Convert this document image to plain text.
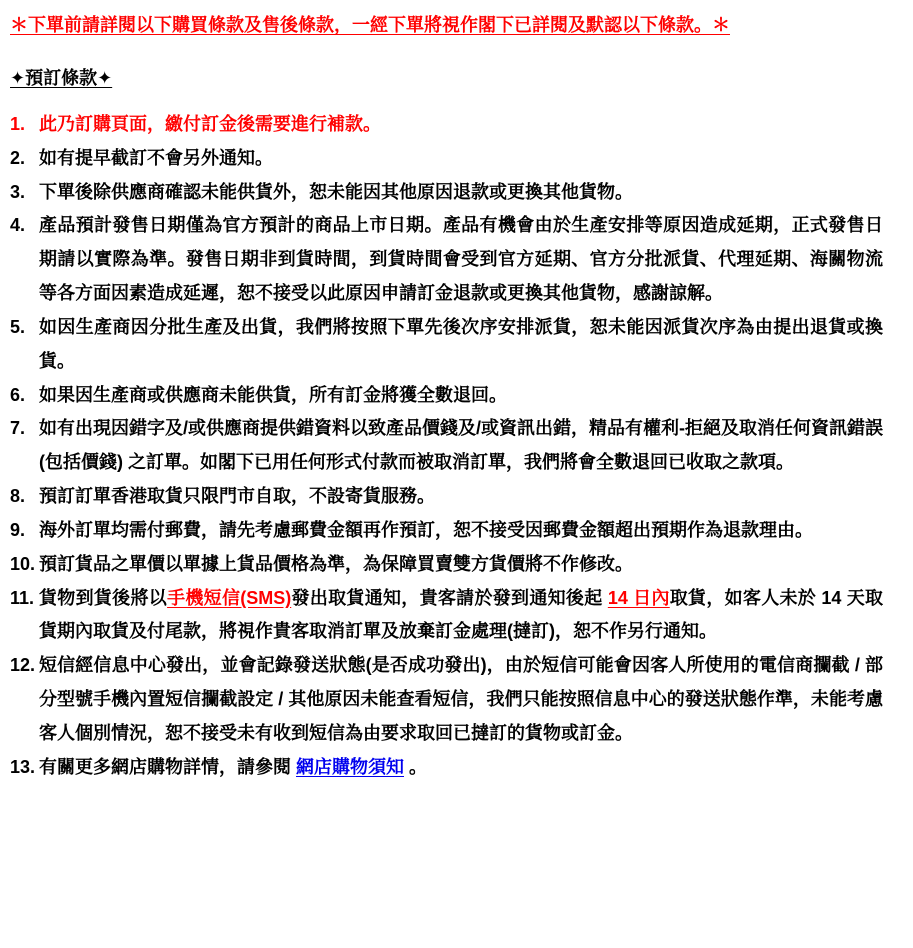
＊下單前請詳閱以下購買條款及售後條款，一經下單將視作閣下已詳閱及默認以下條款。＊
✦預訂條款✦
1. 此乃訂購頁面，繳付訂金後需要進行補款。
2. 如有提早截訂不會另外通知。
3. 下單後除供應商確認未能供貨外，恕未能因其他原因退款或更換其他貨物。
4. 產品預計發售日期僅為官方預計的商品上市日期。產品有機會由於生產安排等原因造成延期，正式發售日期請以實際為準。發售日期非到貨時間，到貨時間會受到官方延期、官方分批派貨、代理延期、海關物流等各方面因素造成延遲，恕不接受以此原因申請訂金退款或更換其他貨物，感謝諒解。
5. 如因生產商因分批生產及出貨，我們將按照下單先後次序安排派貨，恕未能因派貨次序為由提出退貨或換貨。
6. 如果因生產商或供應商未能供貨，所有訂金將獲全數退回。
7. 如有出現因錯字及/或供應商提供錯資料以致產品價錢及/或資訊出錯，精品有權利-拒絕及取消任何資訊錯誤(包括價錢) 之訂單。如閣下已用任何形式付款而被取消訂單，我們將會全數退回已收取之款項。
8. 預訂訂單香港取貨只限門市自取，不設寄貨服務。
9. 海外訂單均需付郵費，請先考慮郵費金額再作預訂，恕不接受因郵費金額超出預期作為退款理由。
10. 預訂貨品之單價以單據上貨品價格為準，為保障買賣雙方貨價將不作修改。
11. 貨物到貨後將以手機短信(SMS)發出取貨通知，貴客請於發到通知後起 14 日內取貨，如客人未於 14 天取貨期內取貨及付尾款，將視作貴客取消訂單及放棄訂金處理(撻訂)，恕不作另行通知。
12. 短信經信息中心發出，並會記錄發送狀態(是否成功發出)，由於短信可能會因客人所使用的電信商攔截 / 部分型號手機內置短信攔截設定 / 其他原因未能查看短信，我們只能按照信息中心的發送狀態作準，未能考慮客人個別情況，恕不接受未有收到短信為由要求取回已撻訂的貨物或訂金。
13. 有關更多網店購物詳情，請參閱 網店購物須知 。
